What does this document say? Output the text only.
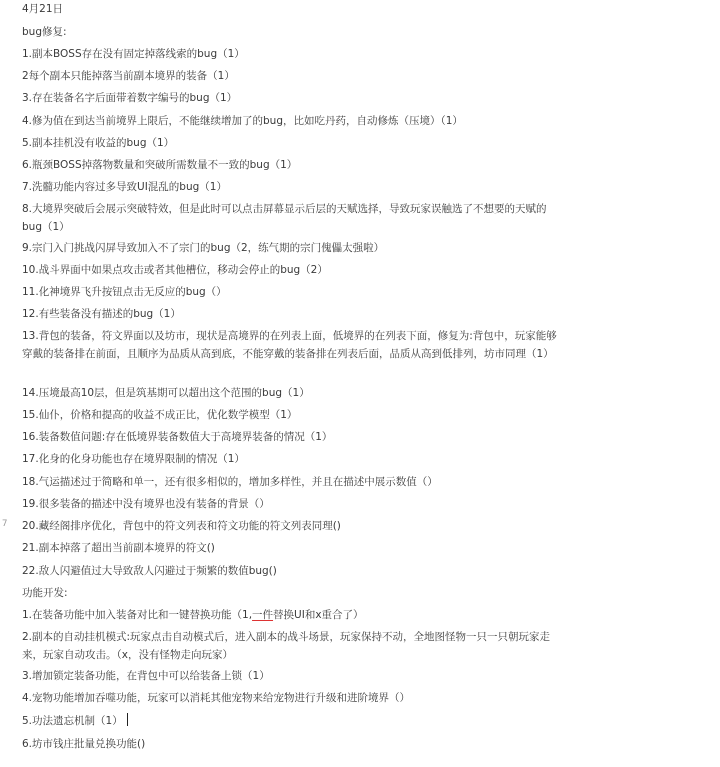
7
4月21日
bug修复:
1.副本BOSS存在没有固定掉落线索的bug（1）
2每个副本只能掉落当前副本境界的装备（1）
3.存在装备名字后面带着数字编号的bug（1）
4.修为值在到达当前境界上限后，不能继续增加了的bug，比如吃丹药，自动修炼（压境）（1）
5.副本挂机没有收益的bug（1）
6.瓶颈BOSS掉落物数量和突破所需数量不一致的bug（1）
7.洗髓功能内容过多导致UI混乱的bug（1）
8.大境界突破后会展示突破特效，但是此时可以点击屏幕显示后层的天赋选择，导致玩家误触选了不想要的天赋的bug（1）
9.宗门入门挑战闪屏导致加入不了宗门的bug（2，练气期的宗门傀儡太强啦）
10.战斗界面中如果点攻击或者其他槽位，移动会停止的bug（2）
11.化神境界飞升按钮点击无反应的bug（）
12.有些装备没有描述的bug（1）
13.背包的装备，符文界面以及坊市，现状是高境界的在列表上面，低境界的在列表下面，修复为:背包中，玩家能够穿戴的装备排在前面，且顺序为品质从高到底，不能穿戴的装备排在列表后面，品质从高到低排列，坊市同理（1）
14.压境最高10层，但是筑基期可以超出这个范围的bug（1）
15.仙仆，价格和提高的收益不成正比，优化数学模型（1）
16.装备数值问题:存在低境界装备数值大于高境界装备的情况（1）
17.化身的化身功能也存在境界限制的情况（1）
18.气运描述过于简略和单一，还有很多相似的，增加多样性，并且在描述中展示数值（）
19.很多装备的描述中没有境界也没有装备的背景（）
20.藏经阁排序优化，背包中的符文列表和符文功能的符文列表同理()
21.副本掉落了超出当前副本境界的符文()
22.敌人闪避值过大导致敌人闪避过于频繁的数值bug()
功能开发:
1.在装备功能中加入装备对比和一键替换功能（1,一件替换UI和x重合了）
2.副本的自动挂机模式:玩家点击自动模式后，进入副本的战斗场景，玩家保持不动，全地图怪物一只一只朝玩家走来，玩家自动攻击。（x，没有怪物走向玩家）
3.增加锁定装备功能，在背包中可以给装备上锁（1）
4.宠物功能增加吞噬功能，玩家可以消耗其他宠物来给宠物进行升级和进阶境界（）
5.功法遗忘机制（1）
6.坊市钱庄批量兑换功能()
